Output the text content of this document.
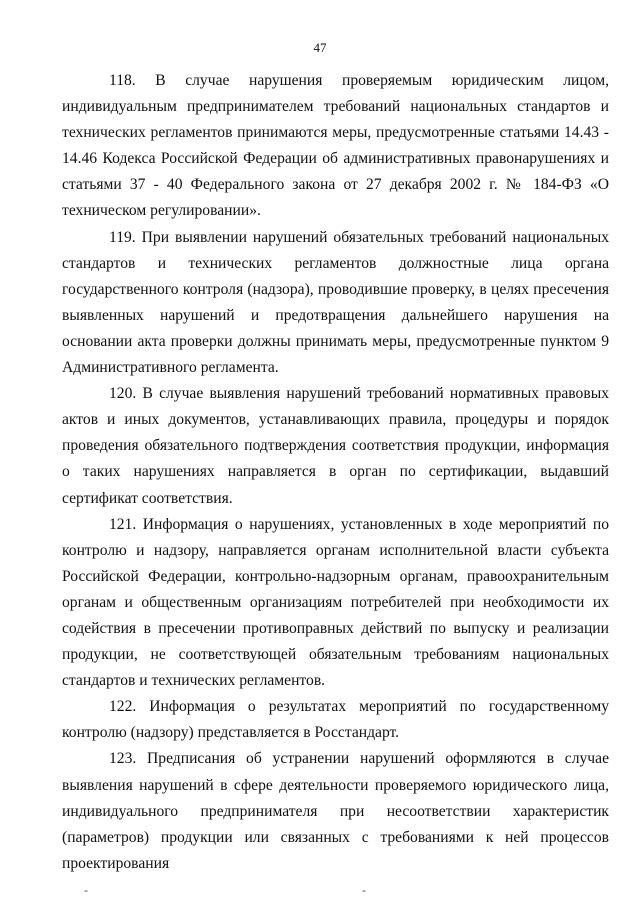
47

118. В случае нарушения проверяемым юридическим лицом, индивидуальным предпринимателем требований национальных стандартов и технических регламентов принимаются меры, предусмотренные статьями 14.43 - 14.46 Кодекса Российской Федерации об административных правонарушениях и статьями 37 - 40 Федерального закона от 27 декабря 2002 г. № 184-ФЗ «О техническом регулировании».

119. При выявлении нарушений обязательных требований национальных стандартов и технических регламентов должностные лица органа государственного контроля (надзора), проводившие проверку, в целях пресечения выявленных нарушений и предотвращения дальнейшего нарушения на основании акта проверки должны принимать меры, предусмотренные пунктом 9 Административного регламента.

120. В случае выявления нарушений требований нормативных правовых актов и иных документов, устанавливающих правила, процедуры и порядок проведения обязательного подтверждения соответствия продукции, информация о таких нарушениях направляется в орган по сертификации, выдавший сертификат соответствия.

121. Информация о нарушениях, установленных в ходе мероприятий по контролю и надзору, направляется органам исполнительной власти субъекта Российской Федерации, контрольно-надзорным органам, правоохранительным органам и общественным организациям потребителей при необходимости их содействия в пресечении противоправных действий по выпуску и реализации продукции, не соответствующей обязательным требованиям национальных стандартов и технических регламентов.

122. Информация о результатах мероприятий по государственному контролю (надзору) представляется в Росстандарт.

123. Предписания об устранении нарушений оформляются в случае выявления нарушений в сфере деятельности проверяемого юридического лица, индивидуального предпринимателя при несоответствии характеристик (параметров) продукции или связанных с требованиями к ней процессов проектирования

-	-
